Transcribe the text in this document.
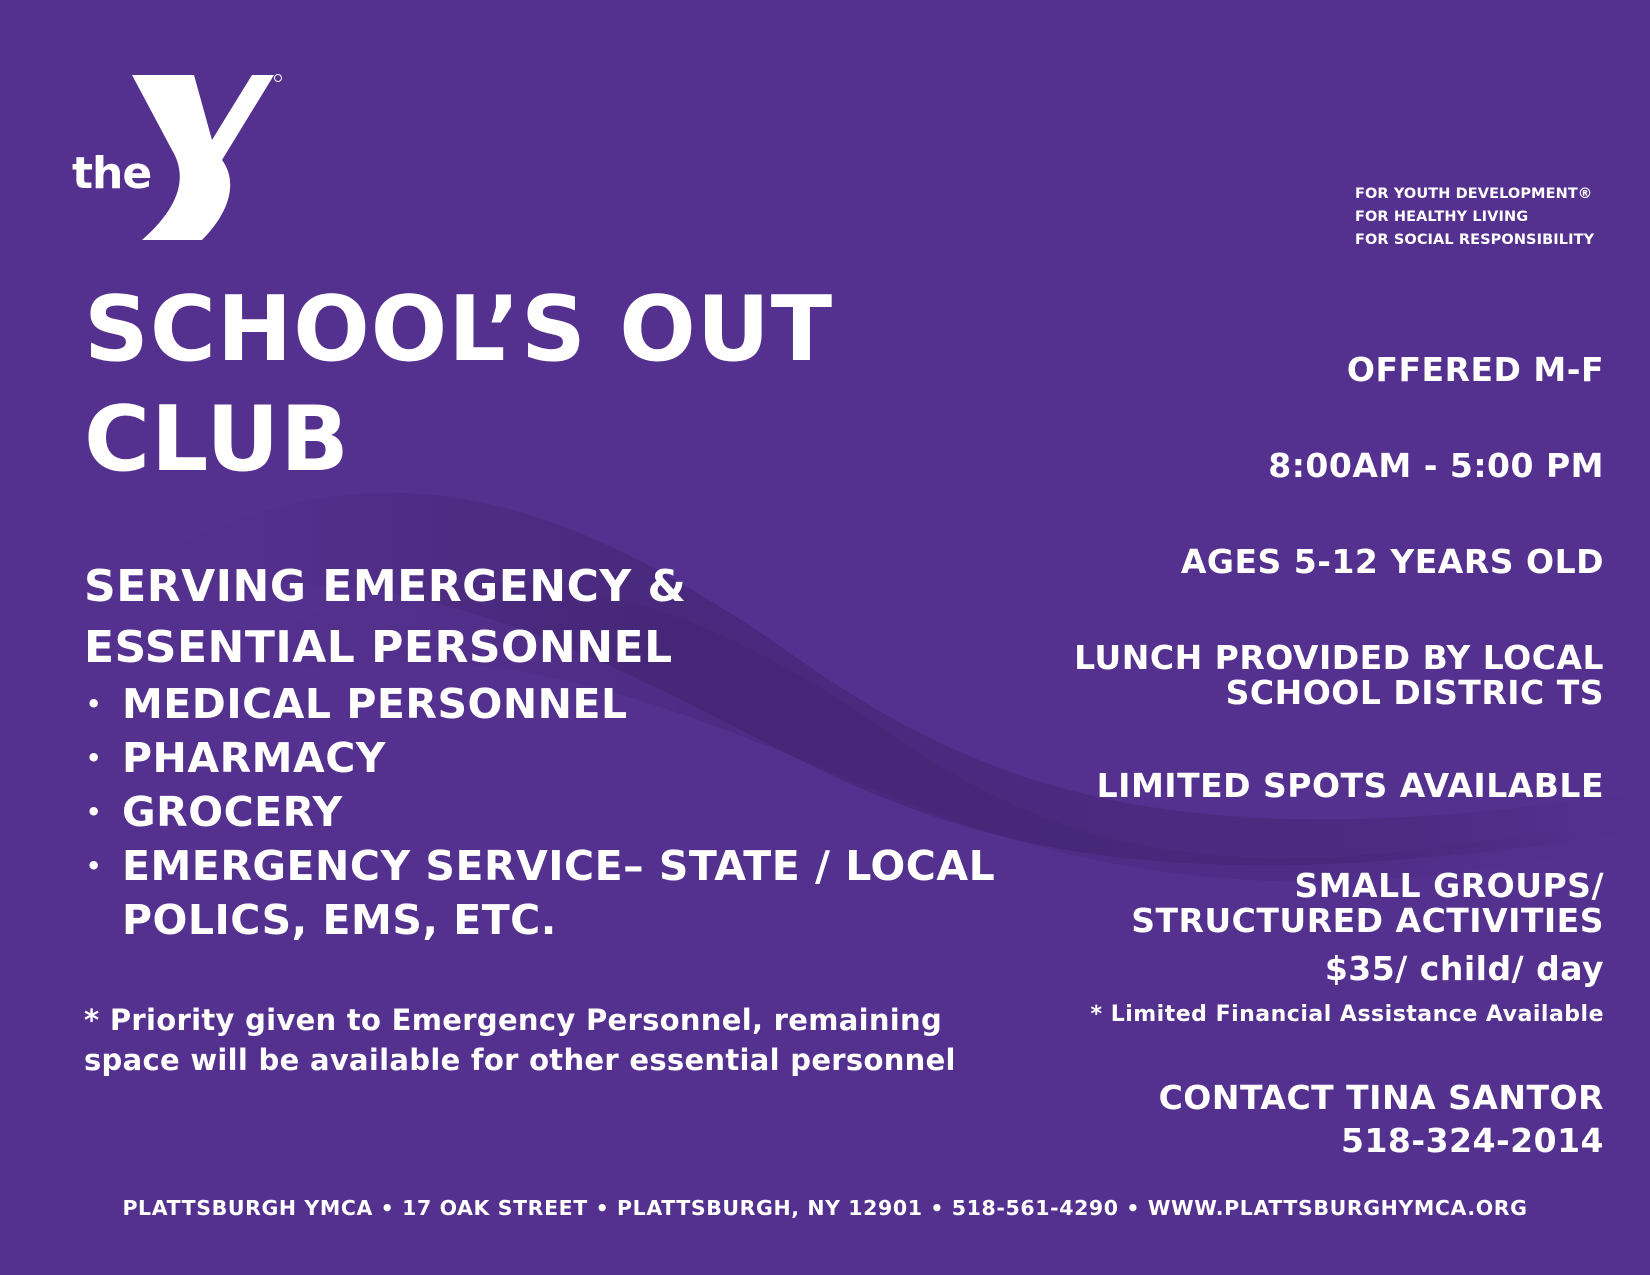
the	YMCA	FOR YOUTH DEVELOPMENT®
FOR HEALTHY LIVING
FOR SOCIAL RESPONSIBILITY
SCHOOL’S OUT
CLUB
SERVING EMERGENCY &
ESSENTIAL PERSONNEL
• MEDICAL PERSONNEL
• PHARMACY
• GROCERY
• EMERGENCY SERVICE– STATE / LOCAL
POLICS, EMS, ETC.
* Priority given to Emergency Personnel, remaining
space will be available for other essential personnel
OFFERED M-F
8:00AM - 5:00 PM
AGES 5-12 YEARS OLD
LUNCH PROVIDED BY LOCAL
SCHOOL DISTRIC TS
LIMITED SPOTS AVAILABLE
SMALL GROUPS/
STRUCTURED ACTIVITIES
$35/ child/ day
* Limited Financial Assistance Available
CONTACT TINA SANTOR
518-324-2014
PLATTSBURGH YMCA • 17 OAK STREET • PLATTSBURGH, NY 12901 • 518-561-4290 • WWW.PLATTSBURGHYMCA.ORG
